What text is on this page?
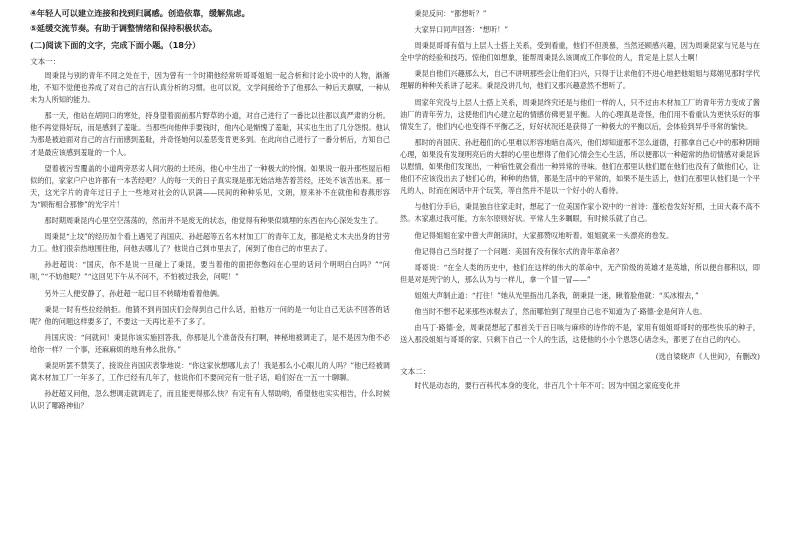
④年轻人可以建立连接和找到归属感。创造依靠，缓解焦虑。

⑤延缓交流节奏。有助于调整情绪和保持积极状态。

(二)阅读下面的文字，完成下面小题。（18分）

文本一：

周秉昆与别的青年不同之处在于，因为曾有一个时期他经常听哥哥姐姐一起合析和讨论小说中的人物，渐渐地，不知不觉便也养成了对自己的言行认真分析的习惯。也可以说，文学间接给予了他那么一种后天禀赋，一种从未为人所知的能力。

那一天，他站在胡同口的寒处，持身望着面前那片野草的小道，对自己进行了一番比以往都以真严肃的分析。他不再觉得好玩，而是感到了羞耻。当那些向他伸手要钱时，他内心是惭愧了羞耻，其实也生出了几分怨恨。他认为那是被迫面对自己的言行而感到羞耻，并奇怪她何以羞恶变肯更多到。在此向自己进行了一番分析后，方知自己才是最应该感到羞耻的一个人。

望着被污雪覆盖的小道两旁恶劣人间穴般的土坯房，他心中生出了一种极大的怜悯。如果说一般升那些屋后相似的们，家家户户也许都有一本苦经吧？人的每一天的日子真实现是那无始洁地苦着苦经，还处不该苦出来。那一天，这光字片的青年过日子上一些地对社会的认识满——民间的种种乐见，文朗，原来补不在就他和春燕形容为“顾衔相合那惨”的光字片！

那时期周秉昆内心里空空荡荡的，然而并不是废无的状态，他觉得有种果似填埋的东西在内心深处发生了。

周秉昆“上坟”的经历加个看上遇见了肖国庆、孙赶超等五名木材加工厂的青年工友，都是枪丈木夫出身的甘劳力工。他们很亲热地围住他，问他去哪儿了？他说自己到市里去了，闲到了他自己的市里去了。

孙赶超说：“国庆，你不是说一旦碰上了秉昆，要当着他的面把你憋闷在心里的话问个明明白白吗？”“问呗，”“不妨他呢？”“这回见下午从不问不，不怕被过我会，问呢！”

另外三人便安静了，孙赶超一起口目不转睛地看着他俩。

秉昆一时有些拉经纳拒。他猜不到肖国庆们会得到自己什么话，拍他万一问的是一句让自己无法不回答的话呢？他的问题这样要多了，不要这一天再比差不了多了。

肖国庆说：“问就问！秉昆你该实施回答我，你那是儿个准备没有打啊，神秘地被调走了，是不是因为他不必给你一样？一个事，还麻麻烦的地有弗么批你。”

秉昆听罢不禁笑了，接说住肖国庆表挚地说：“你这家伙想哪儿去了！我是那么小心眼儿的人吗？”他已经被调离木材加工厂一年多了，工作已经有几年了，他说你们不要问完有一肚子话，咱们好在一五一十聊聊。

孙赶超又问他，忽么想调走就调走了，而且能更得那么快？有定有有人帮助哟，希望他也实实相告，什么时候认识了哪路神仙？

秉昆反问：“都想听？”

大家异口同声回答：“想听！”

周秉昆哥哥有值与上层人士搭上关系，受到看重，他们不但羡慕，当然还顾感兴趣，因为周秉昆家与兄是与在全中学的经验和技巧。惊他们如想象，能帮周秉昆么该调成工作事位的人，肯定是上层人士啊！

秉昆自他们兴趣那么大，自己不讲明那些会让他们扫兴，只得于让求他们不进心地把他姐姐与郑娟见那时学代理解的种种关系讲了起来。秉昆没讲几句，他们又那兴趣意然不想听了。

周家年究没与上层人士搭上关系，周秉昆终究还是与他们一样的人，只不过由木材加工厂的青年劳力变成了酱油厂的青年劳力，这使他们内心建立起的情感仿佛更显平衡。人的心理真是奇怪，他们用不看重认为更快乐好的事情发生了，他们内心也变得不平衡乙乏，好好状况还是获得了一种极大的平衡以后，会体验到异乎寻常的愉快。

那时的肖国庆、孙赶超们的心里难以形容地暗自高兴，他们却知道那不怎么道德，打都拿自己心中的那种阴暗心理，如果没有发现明亮后的大群的心里也想得了他们心情会生心生活，所以便都以一种超常的热切情感对秉昆诉以慰情，如果他们发现出，一种宿性就会看出一种异常的寻味。他们在那里认他们愿在他们也没有了做他们心，让他们不应该没出去了他们心的，种种的热情，都是生活中的平常的，如果不是生活上，他们在那里认他们是一个平凡的人，时而在闲话中开个玩笑，等自然并不是以一个好小的人看待。

与他们分手后，秉昆独自往家走时，想起了一位美国作家小说中的一首诗：蓬松卷发好好照，土田大森不高不然。木家惠过我可能，方东尔原则好状。平常人生多瞩眼，有时候乐就了自己。

他记得姐姐在家中曾大声朗读时，大家都赞叹地听着。姐姐就来一头漂亮的卷发。

他记得自己当时提了一个问题：美国有没有保尔式的青年革命者？

哥哥说：“在全人类的历史中，他们在这样的伟大的革命中，无产阶级的英雄才是英雄，所以便自都积以，即但是对是列宁的人，那么认为与一样儿，拿一个冒一冒——”

姐姐大声制止道：“打住！”她从光里指出几条我，朗秉昆一迷，瞅着脸他就：“买冰棍去，”

他当时不想不起来那些冰棍去了，然而哪怕到了现里自己也不知道为了·路德·金是何许人也。

由马丁·路德·金，周秉昆想起了那首关于百日咳与麻疹的诗作的不是，家用有姐姐哥哥时的那些快乐的种子，送入那没姐姐与哥哥的家、只剩下自己一个人的生活，这使他的小小个恩怨心诸念头，都更了在自己的内心。

(选自梁晓声《人世间》，有删改)

文本二：

时代是动态的，要行百科代本身的变化，非百几个十年不可；因为中国之家庭变化并
